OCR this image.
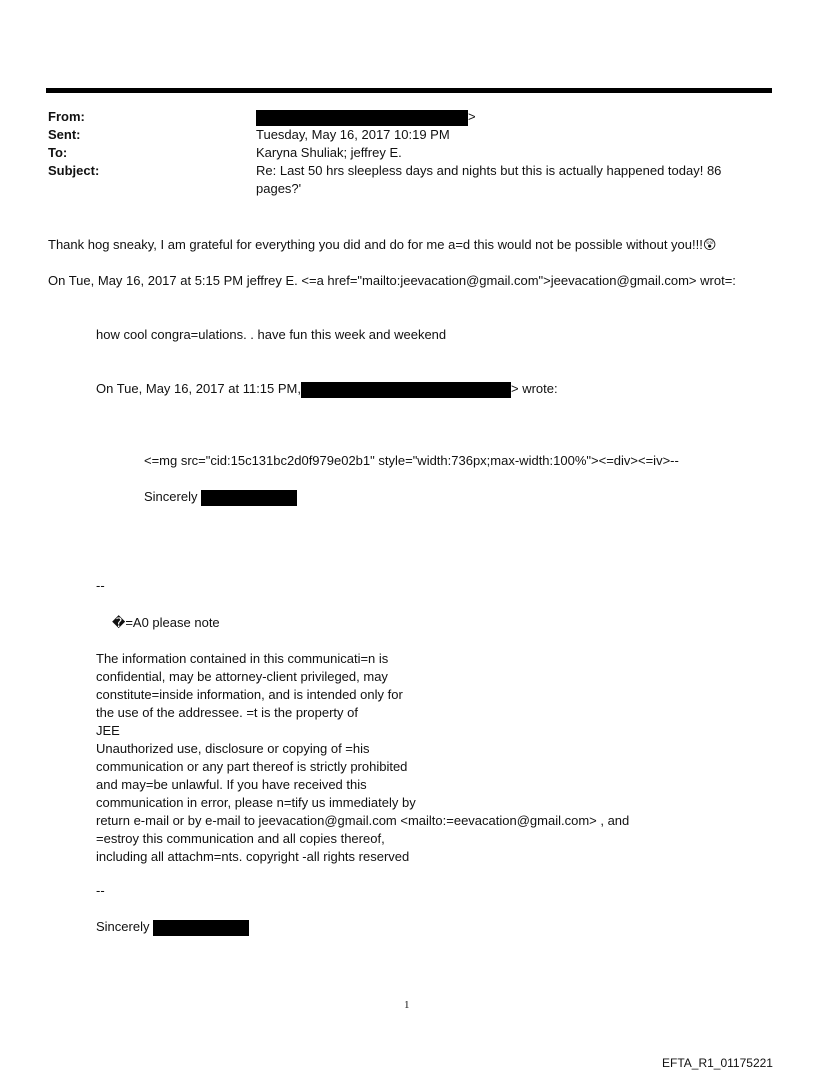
From:	>
Sent:	Tuesday, May 16, 2017 10:19 PM
To:	Karyna Shuliak; jeffrey E.
Subject:	Re: Last 50 hrs sleepless days and nights but this is actually happened today! 86
pages?'
Thank hog sneaky, I am grateful for everything you did and do for me a=d this would not be possible without you!!!😲
On Tue, May 16, 2017 at 5:15 PM jeffrey E. <=a href="mailto:jeevacation@gmail.com">jeevacation@gmail.com> wrot=:
how cool congra=ulations. . have fun this week and weekend
On Tue, May 16, 2017 at 11:15 PM,	> wrote:
<=mg src="cid:15c131bc2d0f979e02b1" style="width:736px;max-width:100%"><=div><=iv>--
Sincerely
--
�=A0 please note
The information contained in this communicati=n is
confidential, may be attorney-client privileged, may
constitute=inside information, and is intended only for
the use of the addressee. =t is the property of
JEE
Unauthorized use, disclosure or copying of =his
communication or any part thereof is strictly prohibited
and may=be unlawful. If you have received this
communication in error, please n=tify us immediately by
return e-mail or by e-mail to jeevacation@gmail.com <mailto:=eevacation@gmail.com> , and
=estroy this communication and all copies thereof,
including all attachm=nts. copyright -all rights reserved
--
Sincerely
1
EFTA_R1_01175221
